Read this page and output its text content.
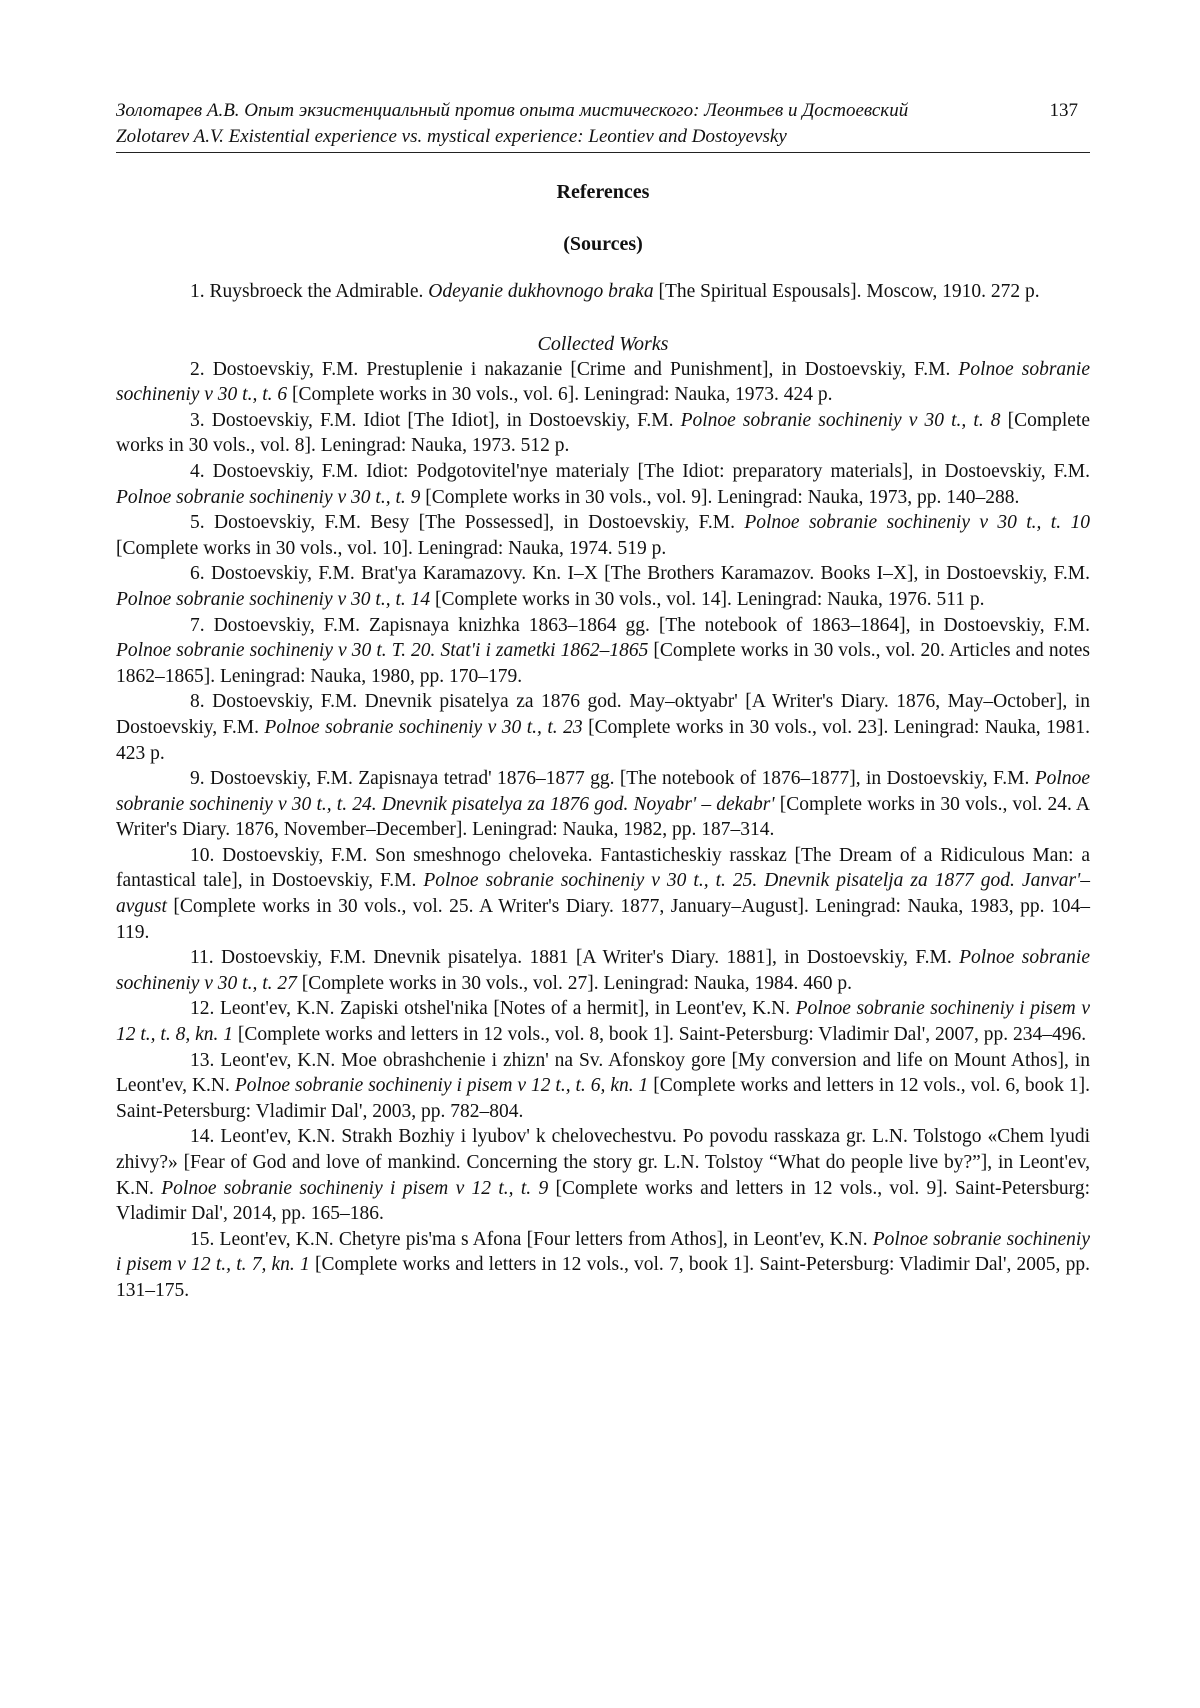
Золотарев А.В. Опыт экзистенциальный против опыта мистического: Леонтьев и Достоевский
Zolotarev A.V. Existential experience vs. mystical experience: Leontiev and Dostoyevsky
137
References
(Sources)

1. Ruysbroeck the Admirable. Odeyanie dukhovnogo braka [The Spiritual Espousals]. Moscow, 1910. 272 p.

Collected Works

2. Dostoevskiy, F.M. Prestuplenie i nakazanie [Crime and Punishment], in Dostoevskiy, F.M. Polnoe sobranie sochineniy v 30 t., t. 6 [Complete works in 30 vols., vol. 6]. Leningrad: Nauka, 1973. 424 p.

3. Dostoevskiy, F.M. Idiot [The Idiot], in Dostoevskiy, F.M. Polnoe sobranie sochineniy v 30 t., t. 8 [Complete works in 30 vols., vol. 8]. Leningrad: Nauka, 1973. 512 p.

4. Dostoevskiy, F.M. Idiot: Podgotovitel'nye materialy [The Idiot: preparatory materials], in Dostoevskiy, F.M. Polnoe sobranie sochineniy v 30 t., t. 9 [Complete works in 30 vols., vol. 9]. Leningrad: Nauka, 1973, pp. 140–288.

5. Dostoevskiy, F.M. Besy [The Possessed], in Dostoevskiy, F.M. Polnoe sobranie sochineniy v 30 t., t. 10 [Complete works in 30 vols., vol. 10]. Leningrad: Nauka, 1974. 519 p.

6. Dostoevskiy, F.M. Brat'ya Karamazovy. Kn. I–X [The Brothers Karamazov. Books I–X], in Dostoevskiy, F.M. Polnoe sobranie sochineniy v 30 t., t. 14 [Complete works in 30 vols., vol. 14]. Leningrad: Nauka, 1976. 511 p.

7. Dostoevskiy, F.M. Zapisnaya knizhka 1863–1864 gg. [The notebook of 1863–1864], in Dostoevskiy, F.M. Polnoe sobranie sochineniy v 30 t. T. 20. Stat'i i zametki 1862–1865 [Complete works in 30 vols., vol. 20. Articles and notes 1862–1865]. Leningrad: Nauka, 1980, pp. 170–179.

8. Dostoevskiy, F.M. Dnevnik pisatelya za 1876 god. May–oktyabr' [A Writer's Diary. 1876, May–October], in Dostoevskiy, F.M. Polnoe sobranie sochineniy v 30 t., t. 23 [Complete works in 30 vols., vol. 23]. Leningrad: Nauka, 1981. 423 p.

9. Dostoevskiy, F.M. Zapisnaya tetrad' 1876–1877 gg. [The notebook of 1876–1877], in Dostoevskiy, F.M. Polnoe sobranie sochineniy v 30 t., t. 24. Dnevnik pisatelya za 1876 god. Noyabr' – dekabr' [Complete works in 30 vols., vol. 24. A Writer's Diary. 1876, November–December]. Leningrad: Nauka, 1982, pp. 187–314.

10. Dostoevskiy, F.M. Son smeshnogo cheloveka. Fantasticheskiy rasskaz [The Dream of a Ridiculous Man: a fantastical tale], in Dostoevskiy, F.M. Polnoe sobranie sochineniy v 30 t., t. 25. Dnevnik pisatelja za 1877 god. Janvar'–avgust [Complete works in 30 vols., vol. 25. A Writer's Diary. 1877, January–August]. Leningrad: Nauka, 1983, pp. 104–119.

11. Dostoevskiy, F.M. Dnevnik pisatelya. 1881 [A Writer's Diary. 1881], in Dostoevskiy, F.M. Polnoe sobranie sochineniy v 30 t., t. 27 [Complete works in 30 vols., vol. 27]. Leningrad: Nauka, 1984. 460 p.

12. Leont'ev, K.N. Zapiski otshel'nika [Notes of a hermit], in Leont'ev, K.N. Polnoe sobranie sochineniy i pisem v 12 t., t. 8, kn. 1 [Complete works and letters in 12 vols., vol. 8, book 1]. Saint-Petersburg: Vladimir Dal', 2007, pp. 234–496.

13. Leont'ev, K.N. Moe obrashchenie i zhizn' na Sv. Afonskoy gore [My conversion and life on Mount Athos], in Leont'ev, K.N. Polnoe sobranie sochineniy i pisem v 12 t., t. 6, kn. 1 [Complete works and letters in 12 vols., vol. 6, book 1]. Saint-Petersburg: Vladimir Dal', 2003, pp. 782–804.

14. Leont'ev, K.N. Strakh Bozhiy i lyubov' k chelovechestvu. Po povodu rasskaza gr. L.N. Tolstogo «Chem lyudi zhivy?» [Fear of God and love of mankind. Concerning the story gr. L.N. Tolstoy “What do people live by?”], in Leont'ev, K.N. Polnoe sobranie sochineniy i pisem v 12 t., t. 9 [Complete works and letters in 12 vols., vol. 9]. Saint-Petersburg: Vladimir Dal', 2014, pp. 165–186.

15. Leont'ev, K.N. Chetyre pis'ma s Afona [Four letters from Athos], in Leont'ev, K.N. Polnoe sobranie sochineniy i pisem v 12 t., t. 7, kn. 1 [Complete works and letters in 12 vols., vol. 7, book 1]. Saint-Petersburg: Vladimir Dal', 2005, pp. 131–175.
